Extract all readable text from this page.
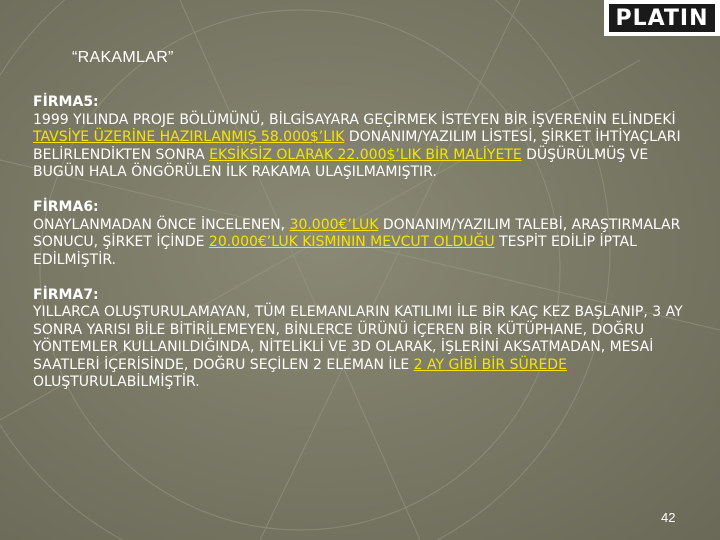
PLATIN
“RAKAMLAR”
FİRMA5:
1999 YILINDA PROJE BÖLÜMÜNÜ, BİLGİSAYARA GEÇİRMEK İSTEYEN BİR İŞVERENİN ELİNDEKİ TAVSİYE ÜZERİNE HAZIRLANMIŞ 58.000$’LIK DONANIM/YAZILIM LİSTESİ, ŞİRKET İHTİYAÇLARI BELİRLENDİKTEN SONRA EKSİKSİZ OLARAK 22.000$’LIK BİR MALİYETE DÜŞÜRÜLMÜŞ VE BUGÜN HALA ÖNGÖRÜLEN İLK RAKAMA ULAŞILMAMIŞTIR.
FİRMA6:
ONAYLANMADAN ÖNCE İNCELENEN, 30.000€’LUK DONANIM/YAZILIM TALEBİ, ARAŞTIRMALAR SONUCU, ŞİRKET İÇİNDE 20.000€’LUK KISMININ MEVCUT OLDUĞU TESPİT EDİLİP İPTAL EDİLMİŞTİR.
FİRMA7:
YILLARCA OLUŞTURULAMAYAN, TÜM ELEMANLARIN KATILIMI İLE BİR KAÇ KEZ BAŞLANIP, 3 AY SONRA YARISI BİLE BİTİRİLEMEYEN, BİNLERCE ÜRÜNÜ İÇEREN BİR KÜTÜPHANE, DOĞRU YÖNTEMLER KULLANILDIĞINDA, NİTELİKLİ VE 3D OLARAK, İŞLERİNİ AKSATMADAN, MESAİ SAATLERİ İÇERİSİNDE, DOĞRU SEÇİLEN 2 ELEMAN İLE 2 AY GİBİ BİR SÜREDE OLUŞTURULABİLMİŞTİR.
42
